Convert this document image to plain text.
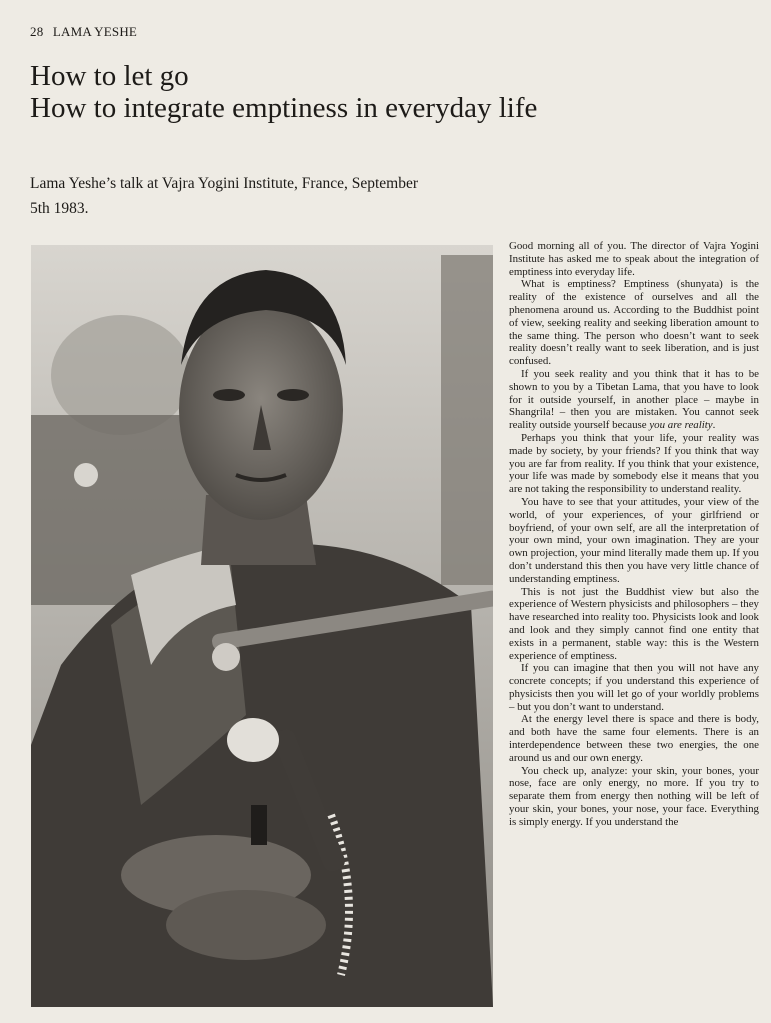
28 LAMA YESHE
How to let go
How to integrate emptiness in everyday life

Lama Yeshe’s talk at Vajra Yogini Institute, France, September
5th 1983.

Good morning all of you. The director of Vajra Yogini Institute has asked me to speak about the integration of emptiness into everyday life.

What is emptiness? Emptiness (shunyata) is the reality of the existence of ourselves and all the phenomena around us. According to the Buddhist point of view, seeking reality and seeking liberation amount to the same thing. The person who doesn’t want to seek reality doesn’t really want to seek liberation, and is just confused.

If you seek reality and you think that it has to be shown to you by a Tibetan Lama, that you have to look for it outside yourself, in another place – maybe in Shangrila! – then you are mistaken. You cannot seek reality outside yourself because you are reality.

Perhaps you think that your life, your reality was made by society, by your friends? If you think that way you are far from reality. If you think that your existence, your life was made by somebody else it means that you are not taking the responsibility to understand reality.

You have to see that your attitudes, your view of the world, of your experiences, of your girlfriend or boyfriend, of your own self, are all the interpretation of your own mind, your own imagination. They are your own projection, your mind literally made them up. If you don’t understand this then you have very little chance of understanding emptiness.

This is not just the Buddhist view but also the experience of Western physicists and philosophers – they have researched into reality too. Physicists look and look and look and they simply cannot find one entity that exists in a permanent, stable way: this is the Western experience of emptiness.

If you can imagine that then you will not have any concrete concepts; if you understand this experience of physicists then you will let go of your worldly problems – but you don’t want to understand.

At the energy level there is space and there is body, and both have the same four elements. There is an interdependence between these two energies, the one around us and our own energy.

You check up, analyze: your skin, your bones, your nose, face are only energy, no more. If you try to separate them from energy then nothing will be left of your skin, your bones, your nose, your face. Everything is simply energy. If you understand the
